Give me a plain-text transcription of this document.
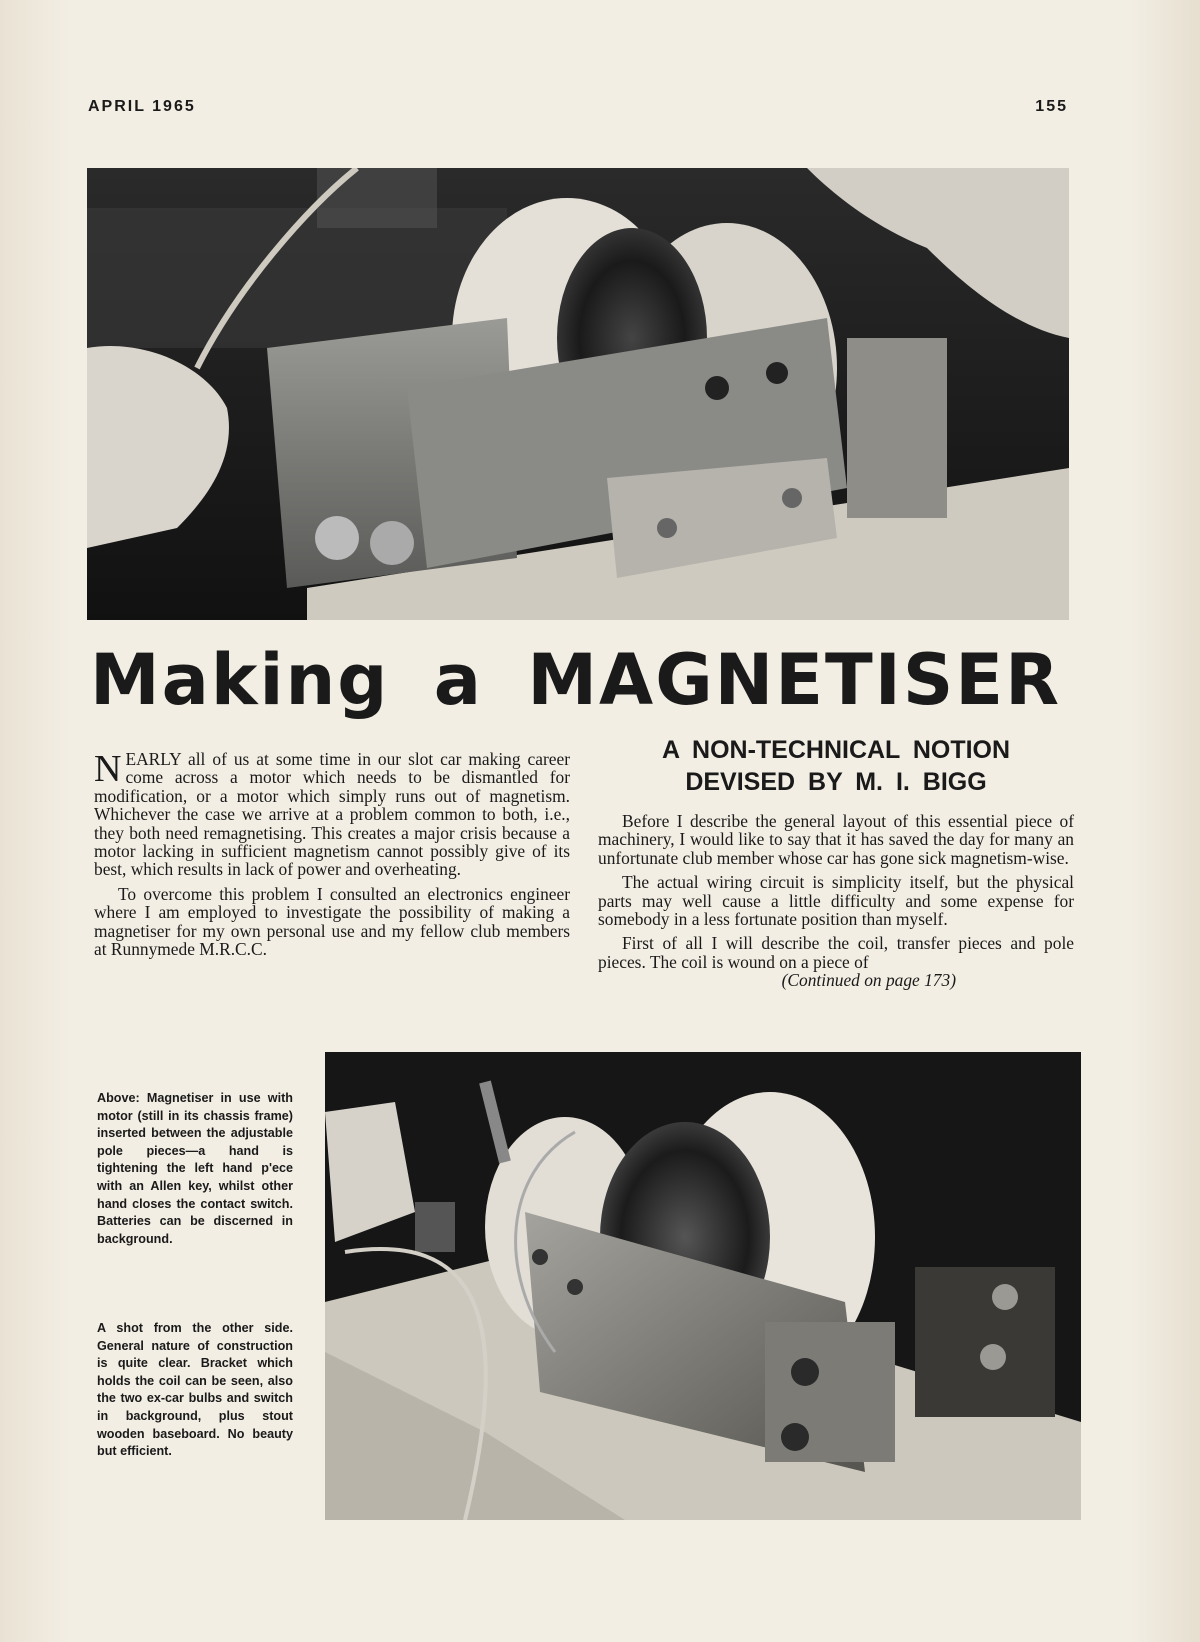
APRIL 1965	155
Making a MAGNETISER
A NON-TECHNICAL NOTION
DEVISED BY M. I. BIGG

NEARLY all of us at some time in our slot car making career come across a motor which needs to be dismantled for modification, or a motor which simply runs out of magnetism. Whichever the case we arrive at a problem common to both, i.e., they both need remagnetising. This creates a major crisis because a motor lacking in sufficient magnetism cannot possibly give of its best, which results in lack of power and overheating.

To overcome this problem I consulted an electronics engineer where I am employed to investigate the possibility of making a magnetiser for my own personal use and my fellow club members at Runnymede M.R.C.C.

Before I describe the general layout of this essential piece of machinery, I would like to say that it has saved the day for many an unfortunate club member whose car has gone sick magnetism-wise.

The actual wiring circuit is simplicity itself, but the physical parts may well cause a little difficulty and some expense for somebody in a less fortunate position than myself.

First of all I will describe the coil, transfer pieces and pole pieces. The coil is wound on a piece of

(Continued on page 173)
Above: Magnetiser in use with motor (still in its chassis frame) inserted between the adjustable pole pieces—a hand is tightening the left hand p'ece with an Allen key, whilst other hand closes the contact switch. Batteries can be discerned in background.
A shot from the other side. General nature of construction is quite clear. Bracket which holds the coil can be seen, also the two ex-car bulbs and switch in background, plus stout wooden baseboard. No beauty but efficient.
